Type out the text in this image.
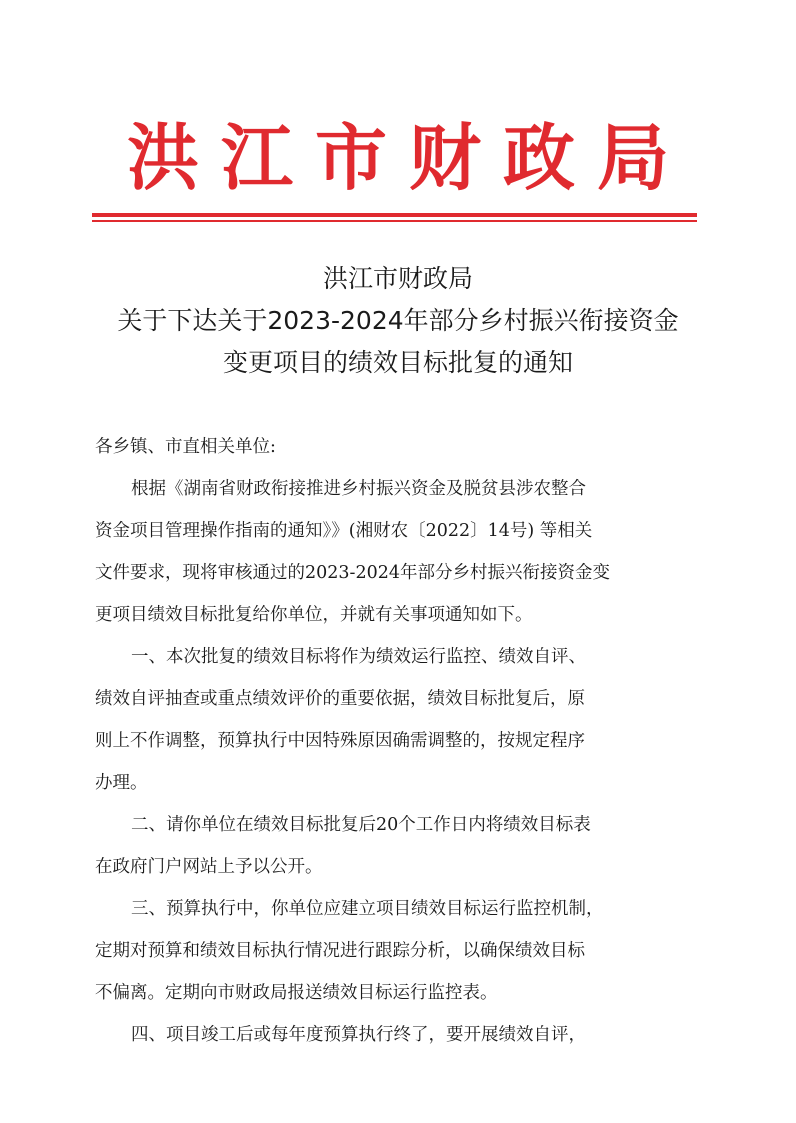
洪江市财政局
洪江市财政局
关于下达关于2023-2024年部分乡村振兴衔接资金
变更项目的绩效目标批复的通知

各乡镇、市直相关单位:

根据《湖南省财政衔接推进乡村振兴资金及脱贫县涉农整合
资金项目管理操作指南的通知》》(湘财农〔2022〕14号) 等相关
文件要求，现将审核通过的2023-2024年部分乡村振兴衔接资金变
更项目绩效目标批复给你单位，并就有关事项通知如下。

一、本次批复的绩效目标将作为绩效运行监控、绩效自评、
绩效自评抽查或重点绩效评价的重要依据，绩效目标批复后，原
则上不作调整，预算执行中因特殊原因确需调整的，按规定程序
办理。

二、请你单位在绩效目标批复后20个工作日内将绩效目标表
在政府门户网站上予以公开。

三、预算执行中，你单位应建立项目绩效目标运行监控机制，
定期对预算和绩效目标执行情况进行跟踪分析，以确保绩效目标
不偏离。定期向市财政局报送绩效目标运行监控表。

四、项目竣工后或每年度预算执行终了，要开展绩效自评，
